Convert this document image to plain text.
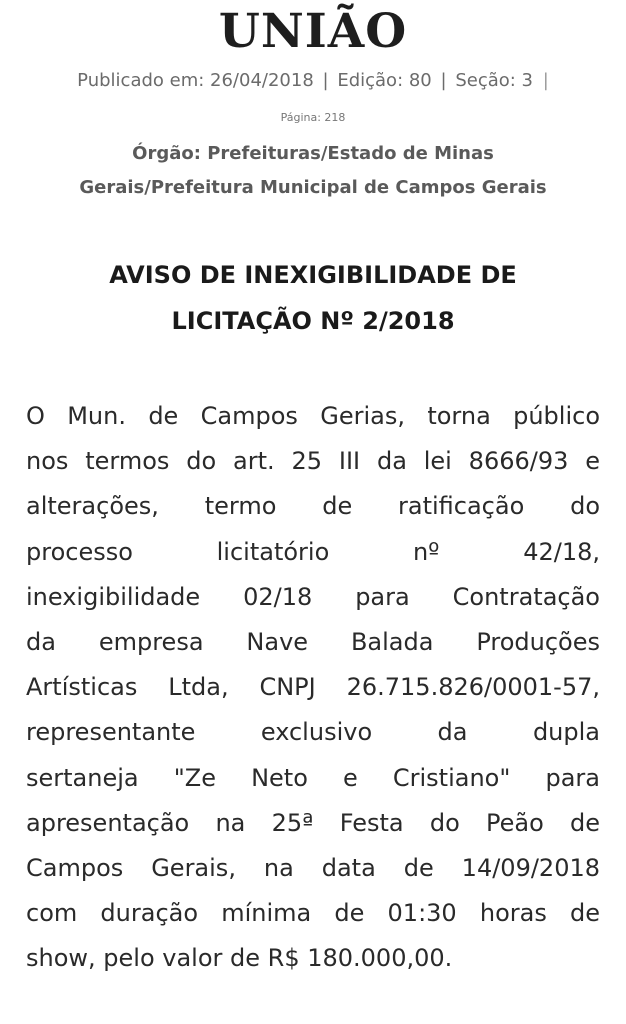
UNIÃO
Publicado em: 26/04/2018 | Edição: 80 | Seção: 3 |
Página: 218
Órgão: Prefeituras/Estado de Minas
Gerais/Prefeitura Municipal de Campos Gerais
AVISO DE INEXIGIBILIDADE DE
LICITAÇÃO Nº 2/2018
O Mun. de Campos Gerias, torna público
nos termos do art. 25 III da lei 8666/93 e
alterações, termo de ratificação do
processo licitatório nº 42/18,
inexigibilidade 02/18 para Contratação
da empresa Nave Balada Produções
Artísticas Ltda, CNPJ 26.715.826/0001-57,
representante exclusivo da dupla
sertaneja "Ze Neto e Cristiano" para
apresentação na 25ª Festa do Peão de
Campos Gerais, na data de 14/09/2018
com duração mínima de 01:30 horas de
show, pelo valor de R$ 180.000,00.
